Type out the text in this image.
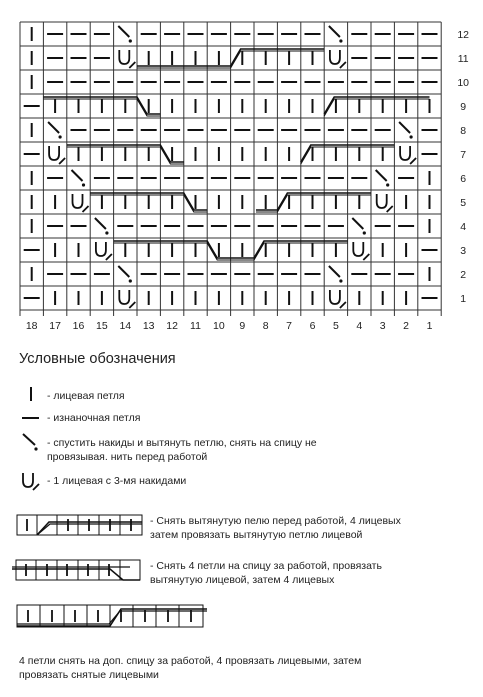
12
11
10
9
8
7
6
5
4
3
2
1
18 17 16 15 14 13 12 11 10 9 8 7 6 5 4 3 2 1
Условные обозначения
- лицевая петля
- изнаночная петля
- спустить накиды и вытянуть петлю, снять на спицу не
провязывая. нить перед работой
- 1 лицевая с 3-мя накидами
- Снять вытянутую пелю перед работой, 4 лицевых
затем провязать вытянутую петлю лицевой
- Снять 4 петли на спицу за работой, провязать
вытянутую лицевой, затем 4 лицевых
4 петли снять на доп. спицу за работой, 4 провязать лицевыми, затем
провязать снятые лицевыми
